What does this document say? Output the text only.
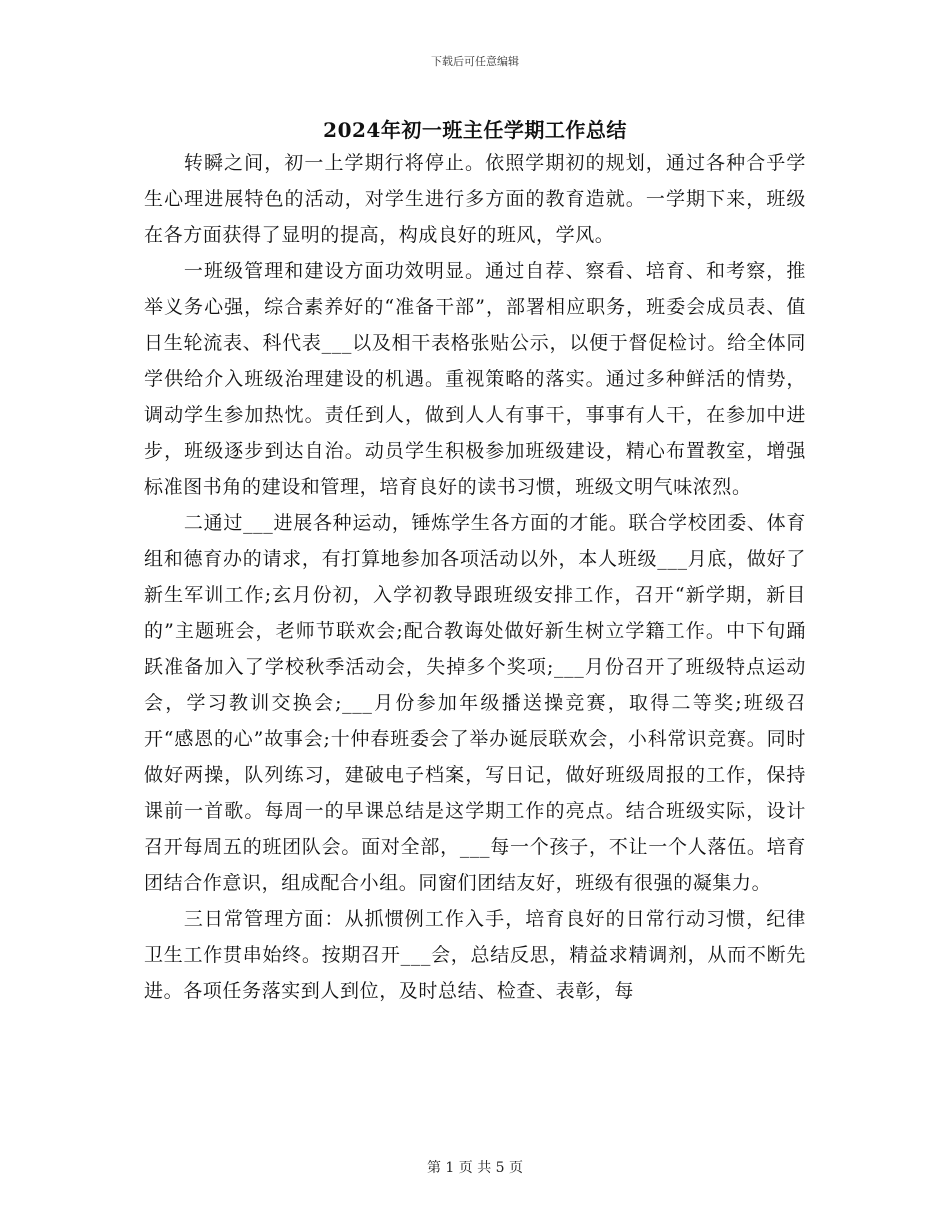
下载后可任意编辑
2024年初一班主任学期工作总结

转瞬之间，初一上学期行将停止。依照学期初的规划，通过各种合乎学生心理进展特色的活动，对学生进行多方面的教育造就。一学期下来，班级在各方面获得了显明的提高，构成良好的班风，学风。

一班级管理和建设方面功效明显。通过自荐、察看、培育、和考察，推举义务心强，综合素养好的“准备干部”，部署相应职务，班委会成员表、值日生轮流表、科代表___以及相干表格张贴公示，以便于督促检讨。给全体同学供给介入班级治理建设的机遇。重视策略的落实。通过多种鲜活的情势，调动学生参加热忱。责任到人，做到人人有事干，事事有人干，在参加中进步，班级逐步到达自治。动员学生积极参加班级建设，精心布置教室，增强标准图书角的建设和管理，培育良好的读书习惯，班级文明气味浓烈。

二通过___进展各种运动，锤炼学生各方面的才能。联合学校团委、体育组和德育办的请求，有打算地参加各项活动以外，本人班级___月底，做好了新生军训工作;玄月份初，入学初教导跟班级安排工作，召开“新学期，新目的”主题班会，老师节联欢会;配合教诲处做好新生树立学籍工作。中下旬踊跃准备加入了学校秋季活动会，失掉多个奖项;___月份召开了班级特点运动会，学习教训交换会;___月份参加年级播送操竞赛，取得二等奖;班级召开“感恩的心”故事会;十仲春班委会了举办诞辰联欢会，小科常识竞赛。同时做好两操，队列练习，建破电子档案，写日记，做好班级周报的工作，保持课前一首歌。每周一的早课总结是这学期工作的亮点。结合班级实际，设计召开每周五的班团队会。面对全部，___每一个孩子，不让一个人落伍。培育团结合作意识，组成配合小组。同窗们团结友好，班级有很强的凝集力。

三日常管理方面：从抓惯例工作入手，培育良好的日常行动习惯，纪律卫生工作贯串始终。按期召开___会，总结反思，精益求精调剂，从而不断先进。各项任务落实到人到位，及时总结、检查、表彰，每

第 1 页 共 5 页
